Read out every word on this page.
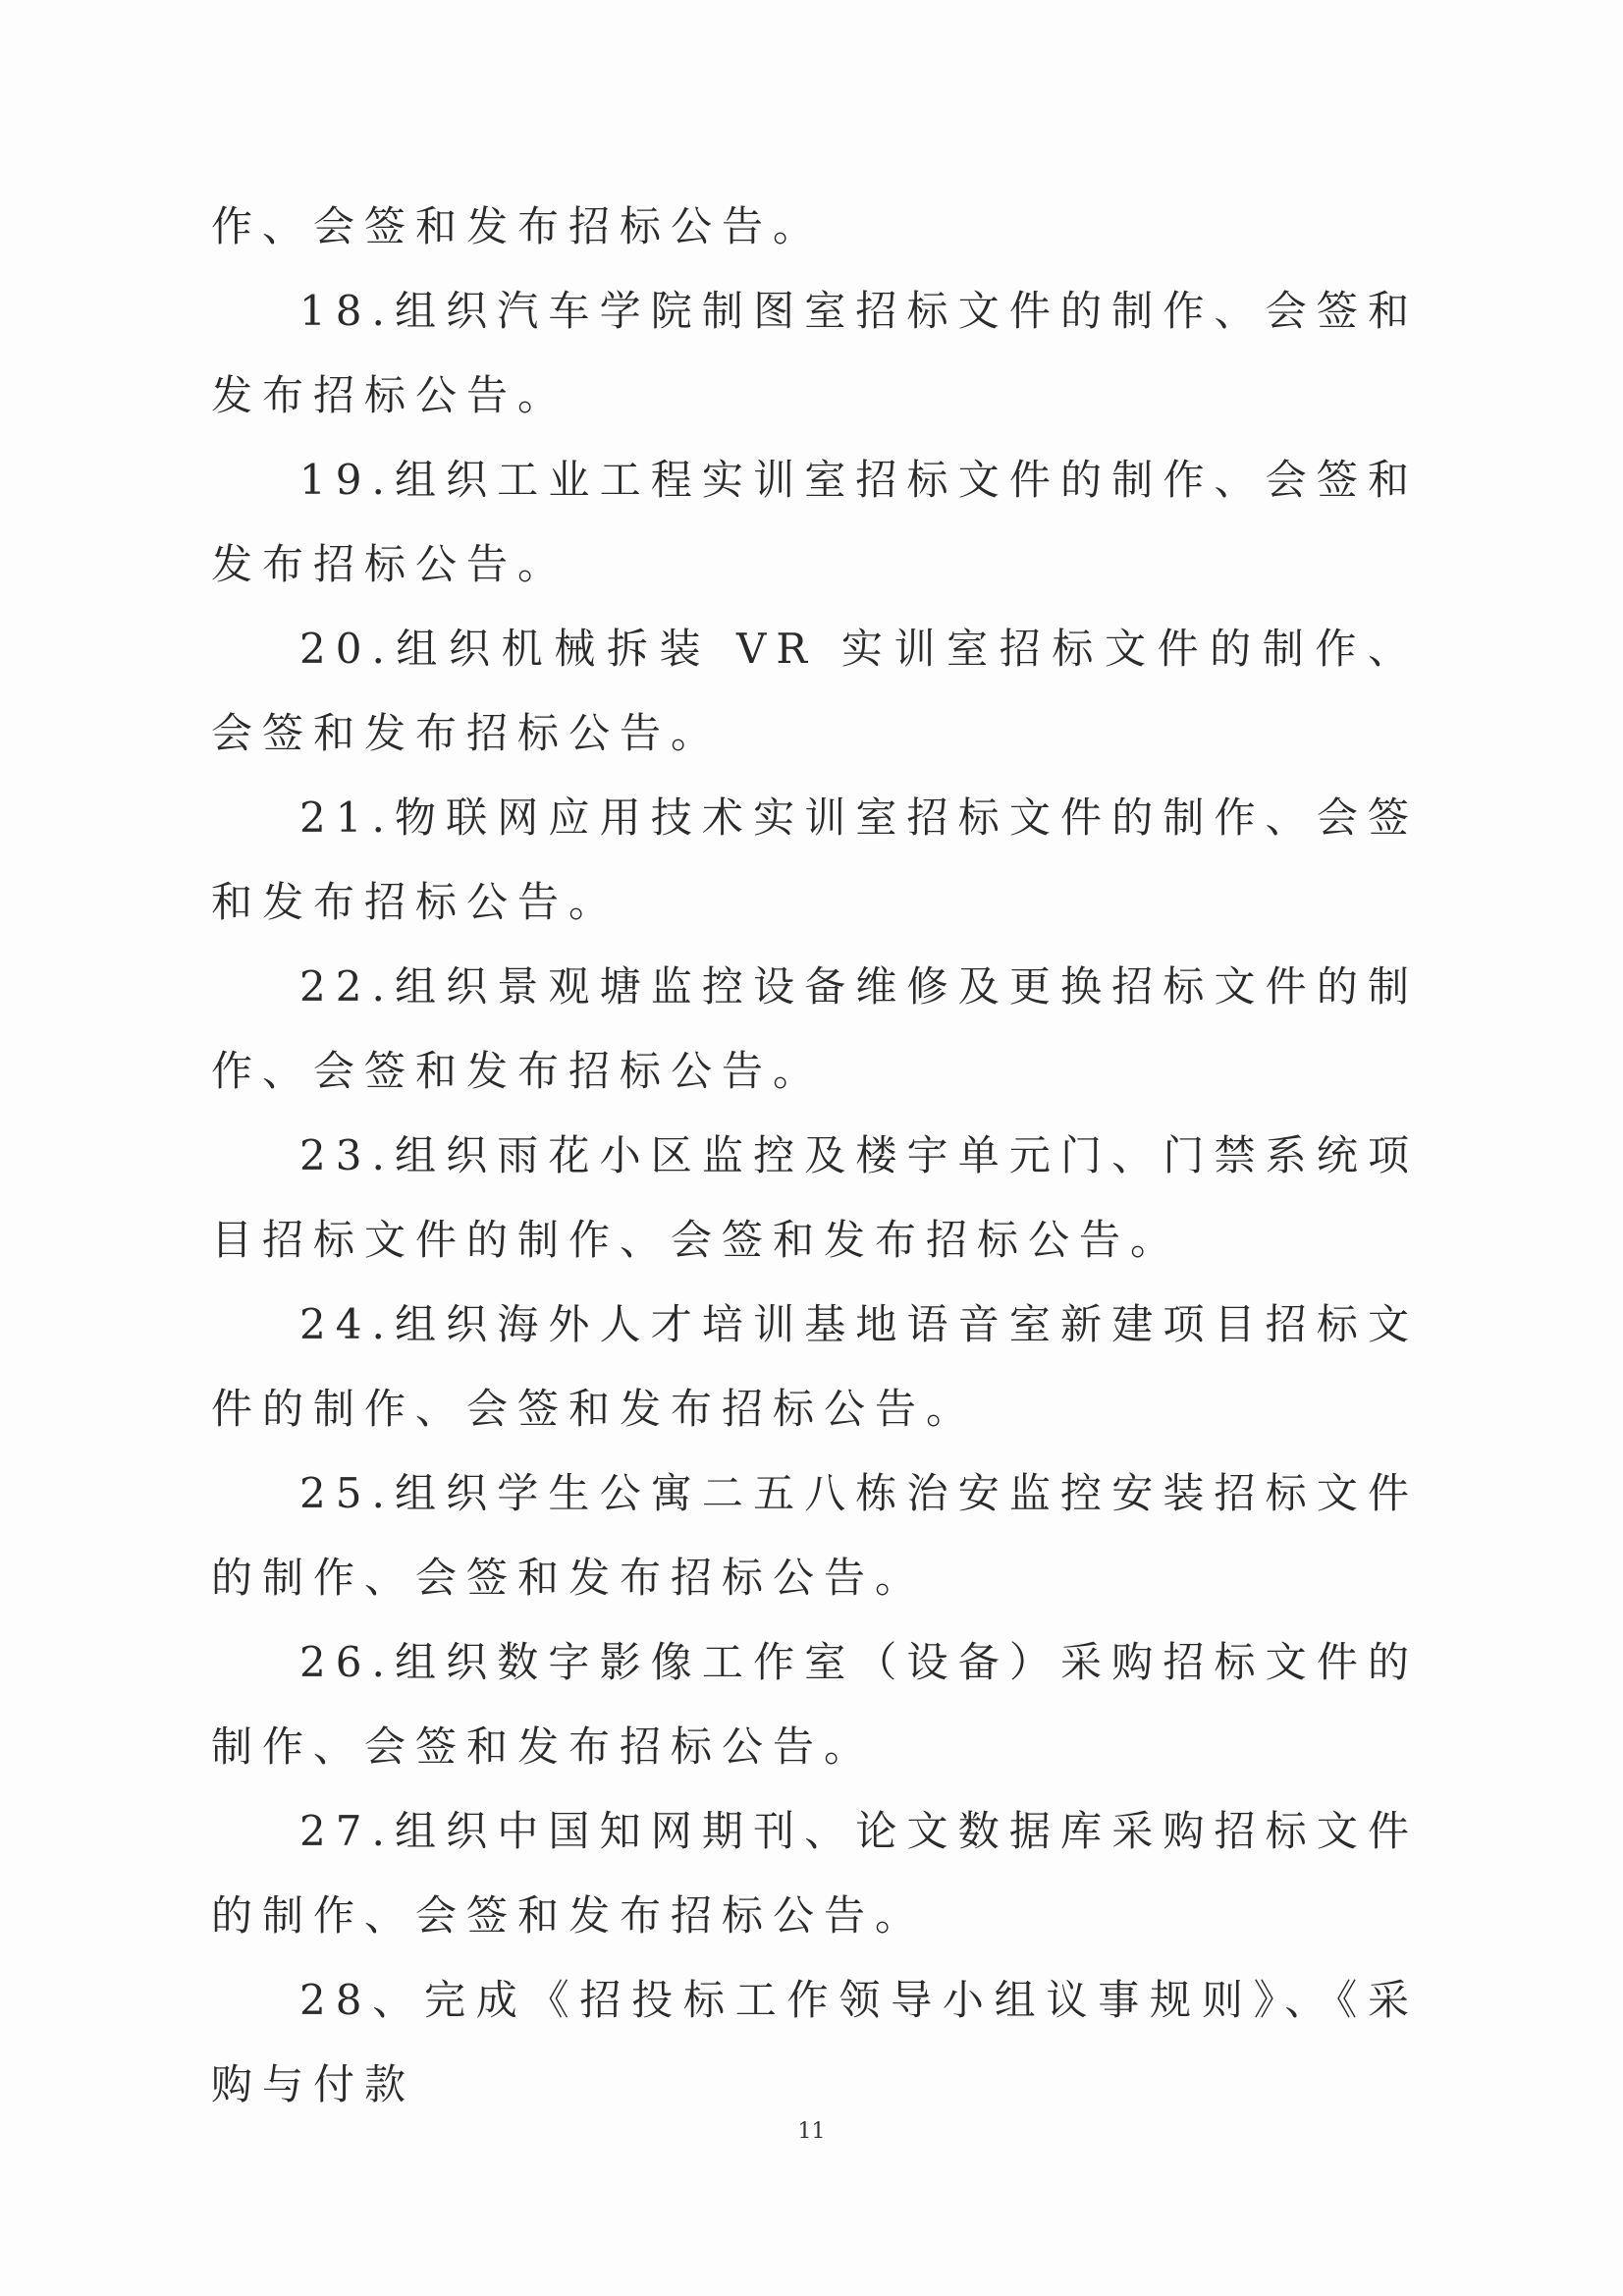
作、会签和发布招标公告。

18.组织汽车学院制图室招标文件的制作、会签和发布招标公告。

19.组织工业工程实训室招标文件的制作、会签和发布招标公告。

20.组织机械拆装 VR 实训室招标文件的制作、会签和发布招标公告。

21.物联网应用技术实训室招标文件的制作、会签和发布招标公告。

22.组织景观塘监控设备维修及更换招标文件的制作、会签和发布招标公告。

23.组织雨花小区监控及楼宇单元门、门禁系统项目招标文件的制作、会签和发布招标公告。

24.组织海外人才培训基地语音室新建项目招标文件的制作、会签和发布招标公告。

25.组织学生公寓二五八栋治安监控安装招标文件的制作、会签和发布招标公告。

26.组织数字影像工作室（设备）采购招标文件的制作、会签和发布招标公告。

27.组织中国知网期刊、论文数据库采购招标文件的制作、会签和发布招标公告。

28、完成《招投标工作领导小组议事规则》、《采购与付款

11
